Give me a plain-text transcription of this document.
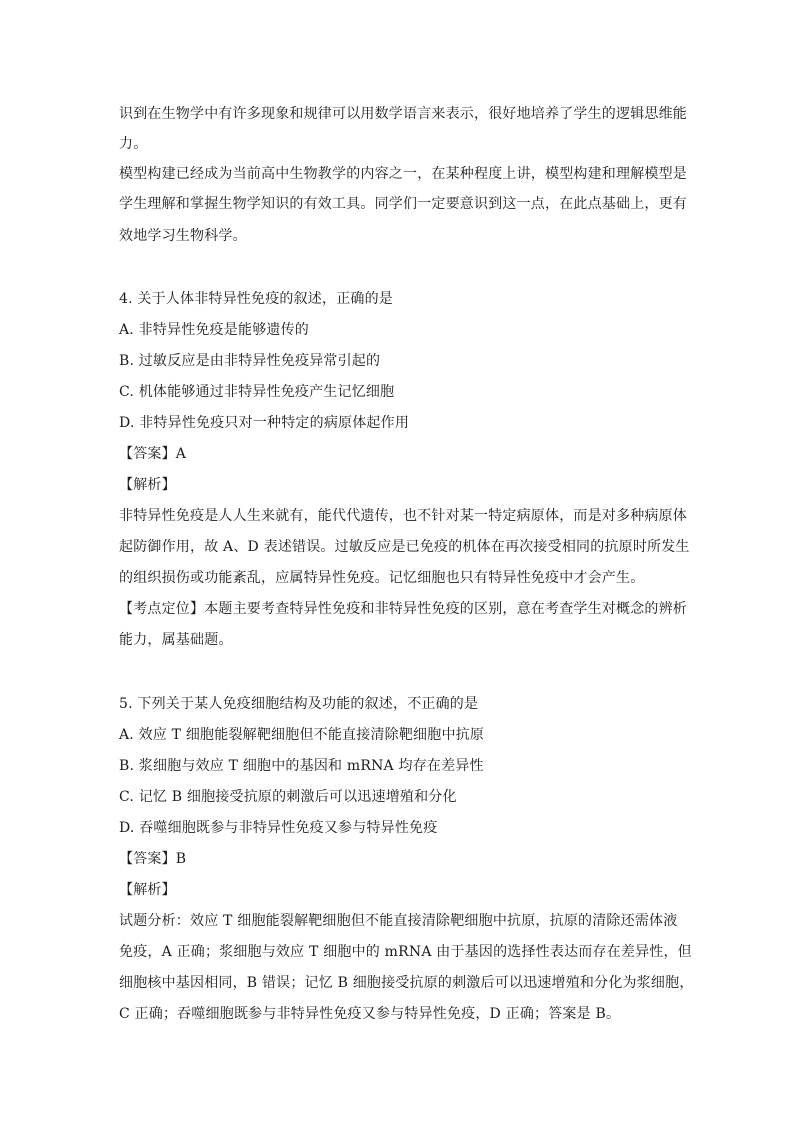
识到在生物学中有许多现象和规律可以用数学语言来表示，很好地培养了学生的逻辑思维能
力。
模型构建已经成为当前高中生物教学的内容之一，在某种程度上讲，模型构建和理解模型是
学生理解和掌握生物学知识的有效工具。同学们一定要意识到这一点，在此点基础上，更有
效地学习生物科学。
4. 关于人体非特异性免疫的叙述，正确的是
A. 非特异性免疫是能够遗传的
B. 过敏反应是由非特异性免疫异常引起的
C. 机体能够通过非特异性免疫产生记忆细胞
D. 非特异性免疫只对一种特定的病原体起作用
【答案】A
【解析】
非特异性免疫是人人生来就有，能代代遗传，也不针对某一特定病原体，而是对多种病原体
起防御作用，故 A、D 表述错误。过敏反应是已免疫的机体在再次接受相同的抗原时所发生
的组织损伤或功能紊乱，应属特异性免疫。记忆细胞也只有特异性免疫中才会产生。
【考点定位】本题主要考查特异性免疫和非特异性免疫的区别，意在考查学生对概念的辨析
能力，属基础题。
5. 下列关于某人免疫细胞结构及功能的叙述，不正确的是
A. 效应 T 细胞能裂解靶细胞但不能直接清除靶细胞中抗原
B. 浆细胞与效应 T 细胞中的基因和 mRNA 均存在差异性
C. 记忆 B 细胞接受抗原的刺激后可以迅速增殖和分化
D. 吞噬细胞既参与非特异性免疫又参与特异性免疫
【答案】B
【解析】
试题分析：效应 T 细胞能裂解靶细胞但不能直接清除靶细胞中抗原，抗原的清除还需体液
免疫，A 正确；浆细胞与效应 T 细胞中的 mRNA 由于基因的选择性表达而存在差异性，但
细胞核中基因相同，B 错误；记忆 B 细胞接受抗原的刺激后可以迅速增殖和分化为浆细胞，
C 正确；吞噬细胞既参与非特异性免疫又参与特异性免疫，D 正确；答案是 B。
